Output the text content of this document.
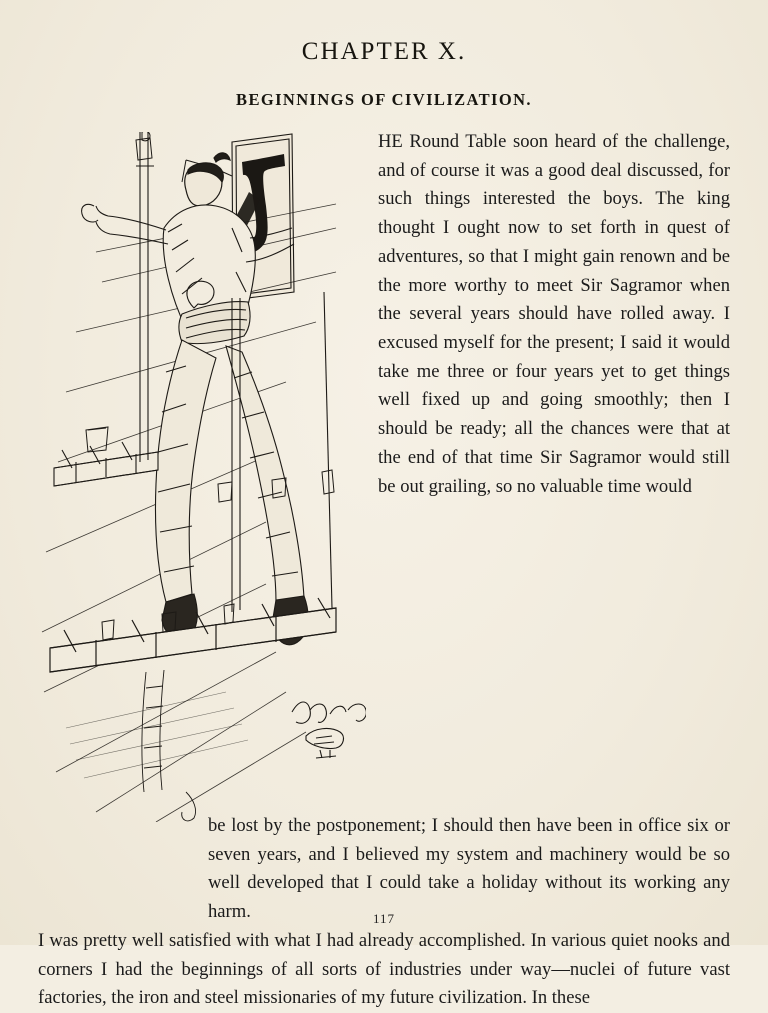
CHAPTER X.
BEGINNINGS OF CIVILIZATION.

HE Round Table soon heard of the challenge, and of course it was a good deal discussed, for such things interested the boys. The king thought I ought now to set forth in quest of adventures, so that I might gain renown and be the more worthy to meet Sir Sagramor when the several years should have rolled away. I excused myself for the present; I said it would take me three or four years yet to get things well fixed up and going smoothly; then I should be ready; all the chances were that at the end of that time Sir Sagramor would still be out grailing, so no valuable time would

be lost by the postponement; I should then have been in office six or seven years, and I believed my system and machinery would be so well developed that I could take a holiday without its working any harm.

I was pretty well satisfied with what I had already accomplished. In various quiet nooks and corners I had the beginnings of all sorts of industries under way—nuclei of future vast factories, the iron and steel missionaries of my future civilization. In these

117
